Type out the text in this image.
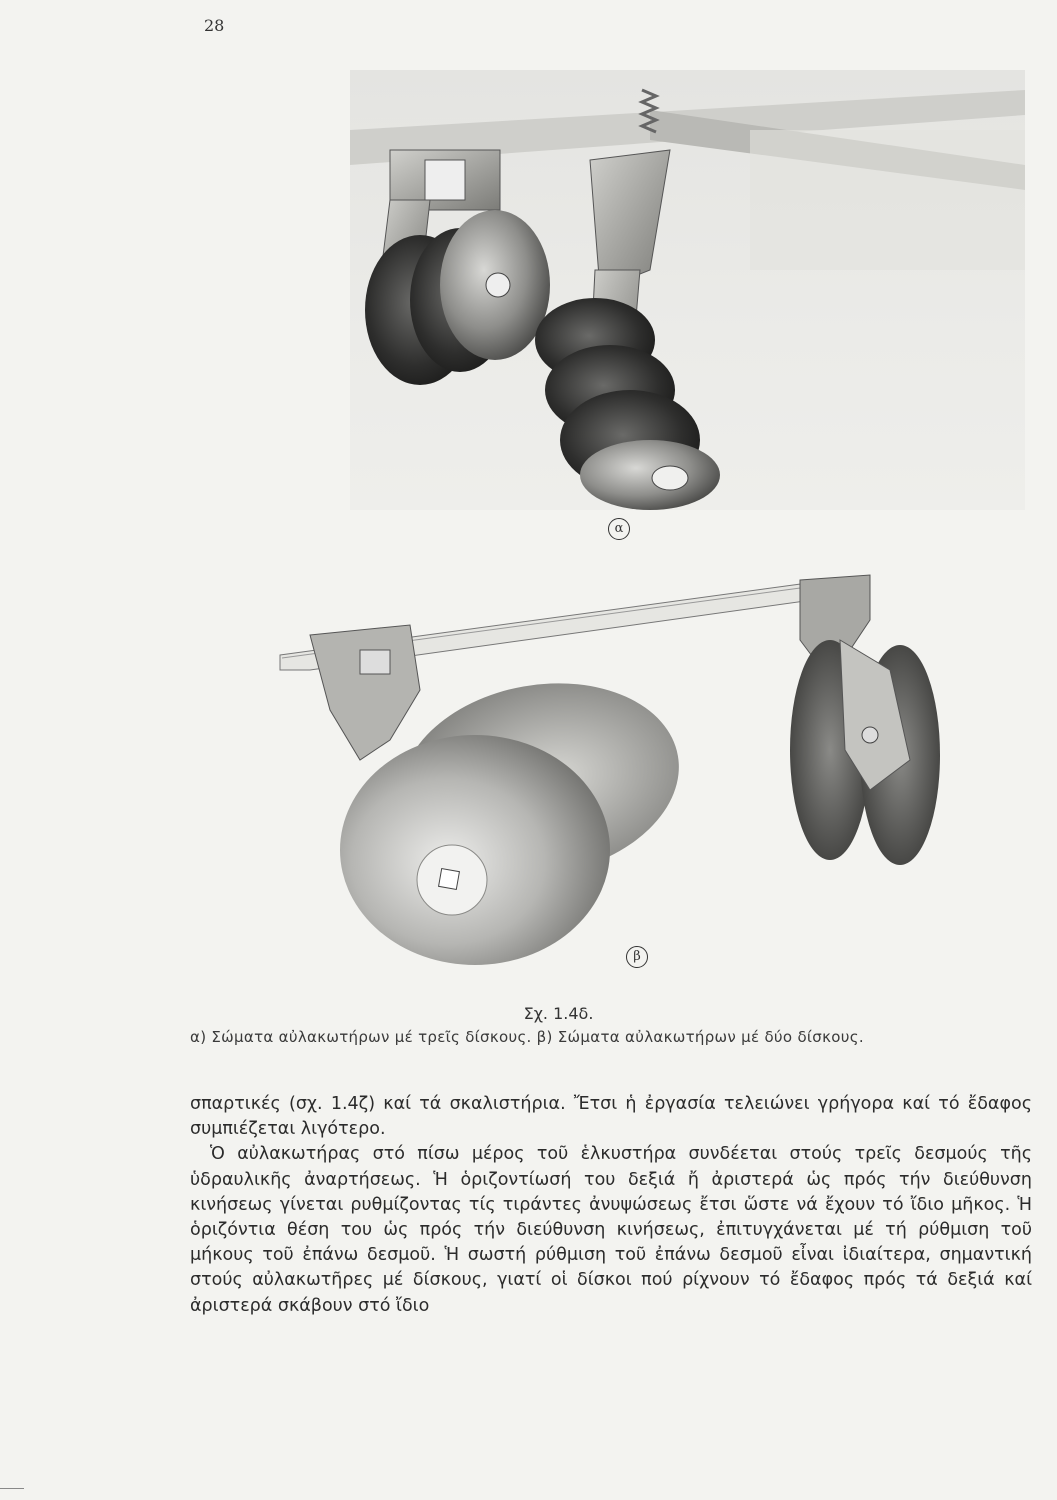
28
α
β
Σχ. 1.4δ.
α) Σώματα αὐλακωτήρων μέ τρεῖς δίσκους. β) Σώματα αὐλακωτήρων μέ δύο δίσκους.

σπαρτικές (σχ. 1.4ζ) καί τά σκαλιστήρια. Ἔτσι ἡ ἐργασία τελειώνει γρήγορα καί τό ἔδαφος συμπιέζεται λιγότερο.

Ὁ αὐλακωτήρας στό πίσω μέρος τοῦ ἑλκυστήρα συνδέεται στούς τρεῖς δεσμούς τῆς ὑδραυλικῆς ἀναρτήσεως. Ἡ ὁριζοντίωσή του δεξιά ἤ ἀριστερά ὡς πρός τήν διεύθυνση κινήσεως γίνεται ρυθμίζοντας τίς τιράντες ἀνυψώσεως ἔτσι ὥστε νά ἔχουν τό ἴδιο μῆκος. Ἡ ὁριζόντια θέση του ὡς πρός τήν διεύθυνση κινήσεως, ἐπιτυγχάνεται μέ τή ρύθμιση τοῦ μήκους τοῦ ἐπάνω δεσμοῦ. Ἡ σωστή ρύθμιση τοῦ ἐπάνω δεσμοῦ εἶναι ἰδιαίτερα, σημαντική στούς αὐλακωτῆρες μέ δίσκους, γιατί οἱ δίσκοι πού ρίχνουν τό ἔδαφος πρός τά δεξιά καί ἀριστερά σκάβουν στό ἴδιο
